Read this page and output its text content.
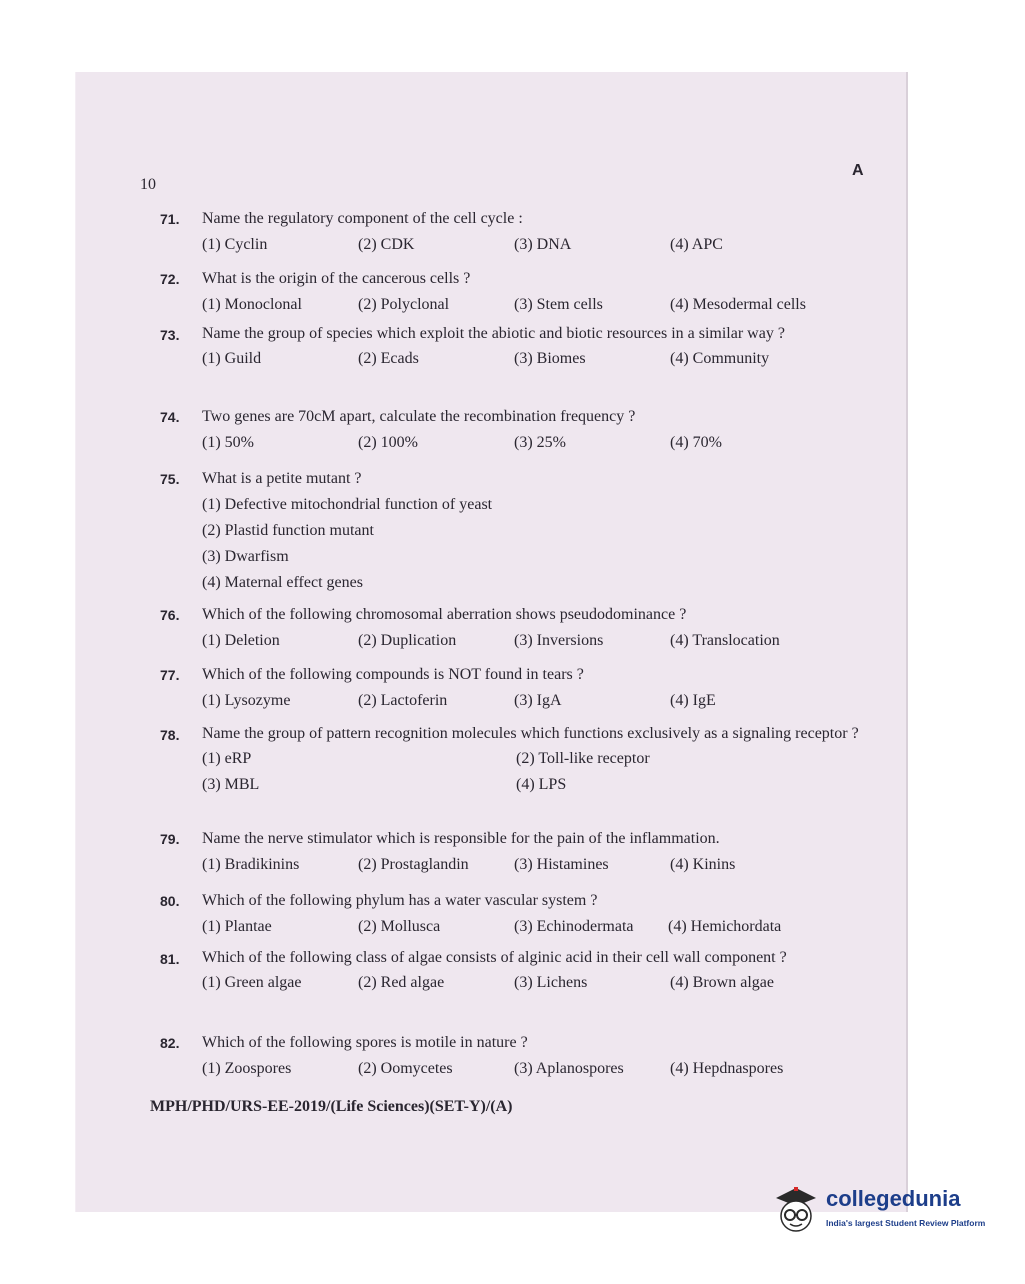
10
A
71. Name the regulatory component of the cell cycle :
(1) Cyclin	(2) CDK	(3) DNA	(4) APC
72. What is the origin of the cancerous cells ?
(1) Monoclonal	(2) Polyclonal	(3) Stem cells	(4) Mesodermal cells
73. Name the group of species which exploit the abiotic and biotic resources in a similar way ?
(1) Guild	(2) Ecads	(3) Biomes	(4) Community
74. Two genes are 70cM apart, calculate the recombination frequency ?
(1) 50%	(2) 100%	(3) 25%	(4) 70%
75. What is a petite mutant ?
(1) Defective mitochondrial function of yeast
(2) Plastid function mutant
(3) Dwarfism
(4) Maternal effect genes
76. Which of the following chromosomal aberration shows pseudodominance ?
(1) Deletion	(2) Duplication	(3) Inversions	(4) Translocation
77. Which of the following compounds is NOT found in tears ?
(1) Lysozyme	(2) Lactoferin	(3) IgA	(4) IgE
78. Name the group of pattern recognition molecules which functions exclusively as a signaling receptor ?
(1) eRP	(2) Toll-like receptor
(3) MBL	(4) LPS
79. Name the nerve stimulator which is responsible for the pain of the inflammation.
(1) Bradikinins	(2) Prostaglandin	(3) Histamines	(4) Kinins
80. Which of the following phylum has a water vascular system ?
(1) Plantae	(2) Mollusca	(3) Echinodermata (4) Hemichordata
81. Which of the following class of algae consists of alginic acid in their cell wall component ?
(1) Green algae	(2) Red algae	(3) Lichens	(4) Brown algae
82. Which of the following spores is motile in nature ?
(1) Zoospores	(2) Oomycetes	(3) Aplanospores	(4) Hepdnaspores
MPH/PHD/URS-EE-2019/(Life Sciences)(SET-Y)/(A)
collegedunia
India's largest Student Review Platform
